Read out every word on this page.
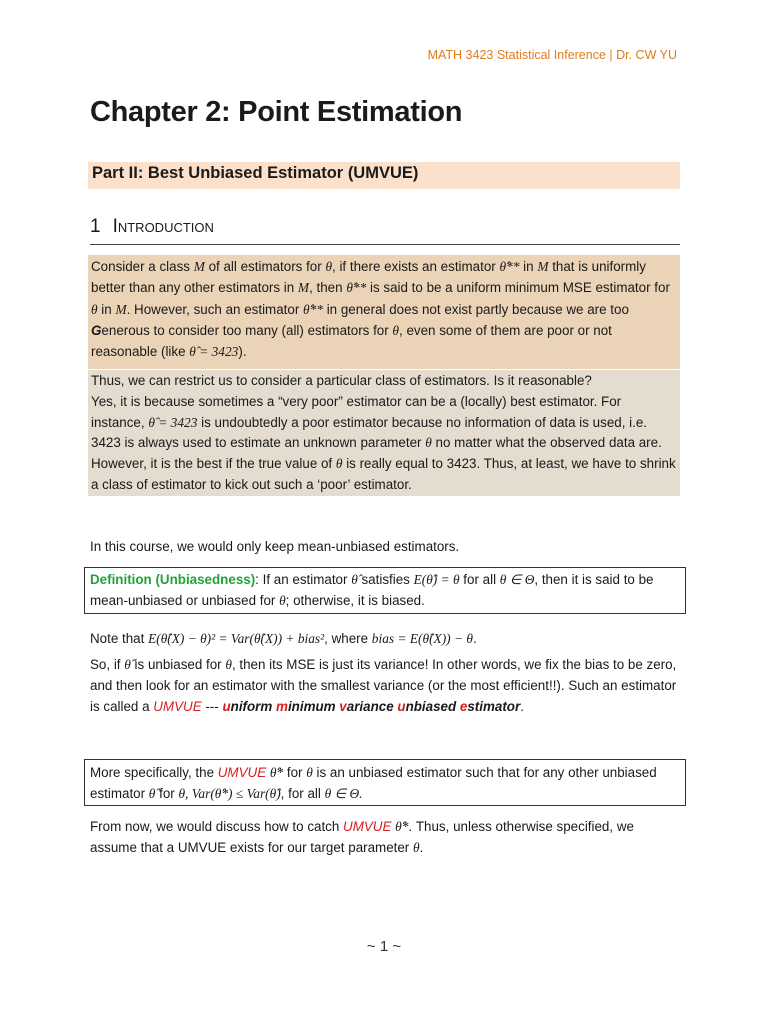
MATH 3423 Statistical Inference | Dr. CW YU
Chapter 2: Point Estimation
Part II: Best Unbiased Estimator (UMVUE)
1 Introduction
Consider a class M of all estimators for θ, if there exists an estimator θ̂** in M that is uniformly better than any other estimators in M, then θ̂** is said to be a uniform minimum MSE estimator for θ in M. However, such an estimator θ̂** in general does not exist partly because we are too Generous to consider too many (all) estimators for θ, even some of them are poor or not reasonable (like θ̂ = 3423).
Thus, we can restrict us to consider a particular class of estimators. Is it reasonable?
Yes, it is because sometimes a “very poor” estimator can be a (locally) best estimator. For instance, θ̂ = 3423 is undoubtedly a poor estimator because no information of data is used, i.e. 3423 is always used to estimate an unknown parameter θ no matter what the observed data are. However, it is the best if the true value of θ is really equal to 3423. Thus, at least, we have to shrink a class of estimator to kick out such a ‘poor’ estimator.

In this course, we would only keep mean-unbiased estimators.

Definition (Unbiasedness): If an estimator θ̂ satisfies E(θ̂) = θ for all θ ∈ Θ, then it is said to be mean-unbiased or unbiased for θ; otherwise, it is biased.

Note that E(θ̂(X) − θ)² = Var(θ̂(X)) + bias², where bias = E(θ̂(X)) − θ.

So, if θ̂ is unbiased for θ, then its MSE is just its variance! In other words, we fix the bias to be zero, and then look for an estimator with the smallest variance (or the most efficient!!). Such an estimator is called a UMVUE --- uniform minimum variance unbiased estimator.

More specifically, the UMVUE θ̂* for θ is an unbiased estimator such that for any other unbiased estimator θ̂ for θ, Var(θ̂*) ≤ Var(θ̂), for all θ ∈ Θ.

From now, we would discuss how to catch UMVUE θ̂*. Thus, unless otherwise specified, we assume that a UMVUE exists for our target parameter θ.

~ 1 ~
